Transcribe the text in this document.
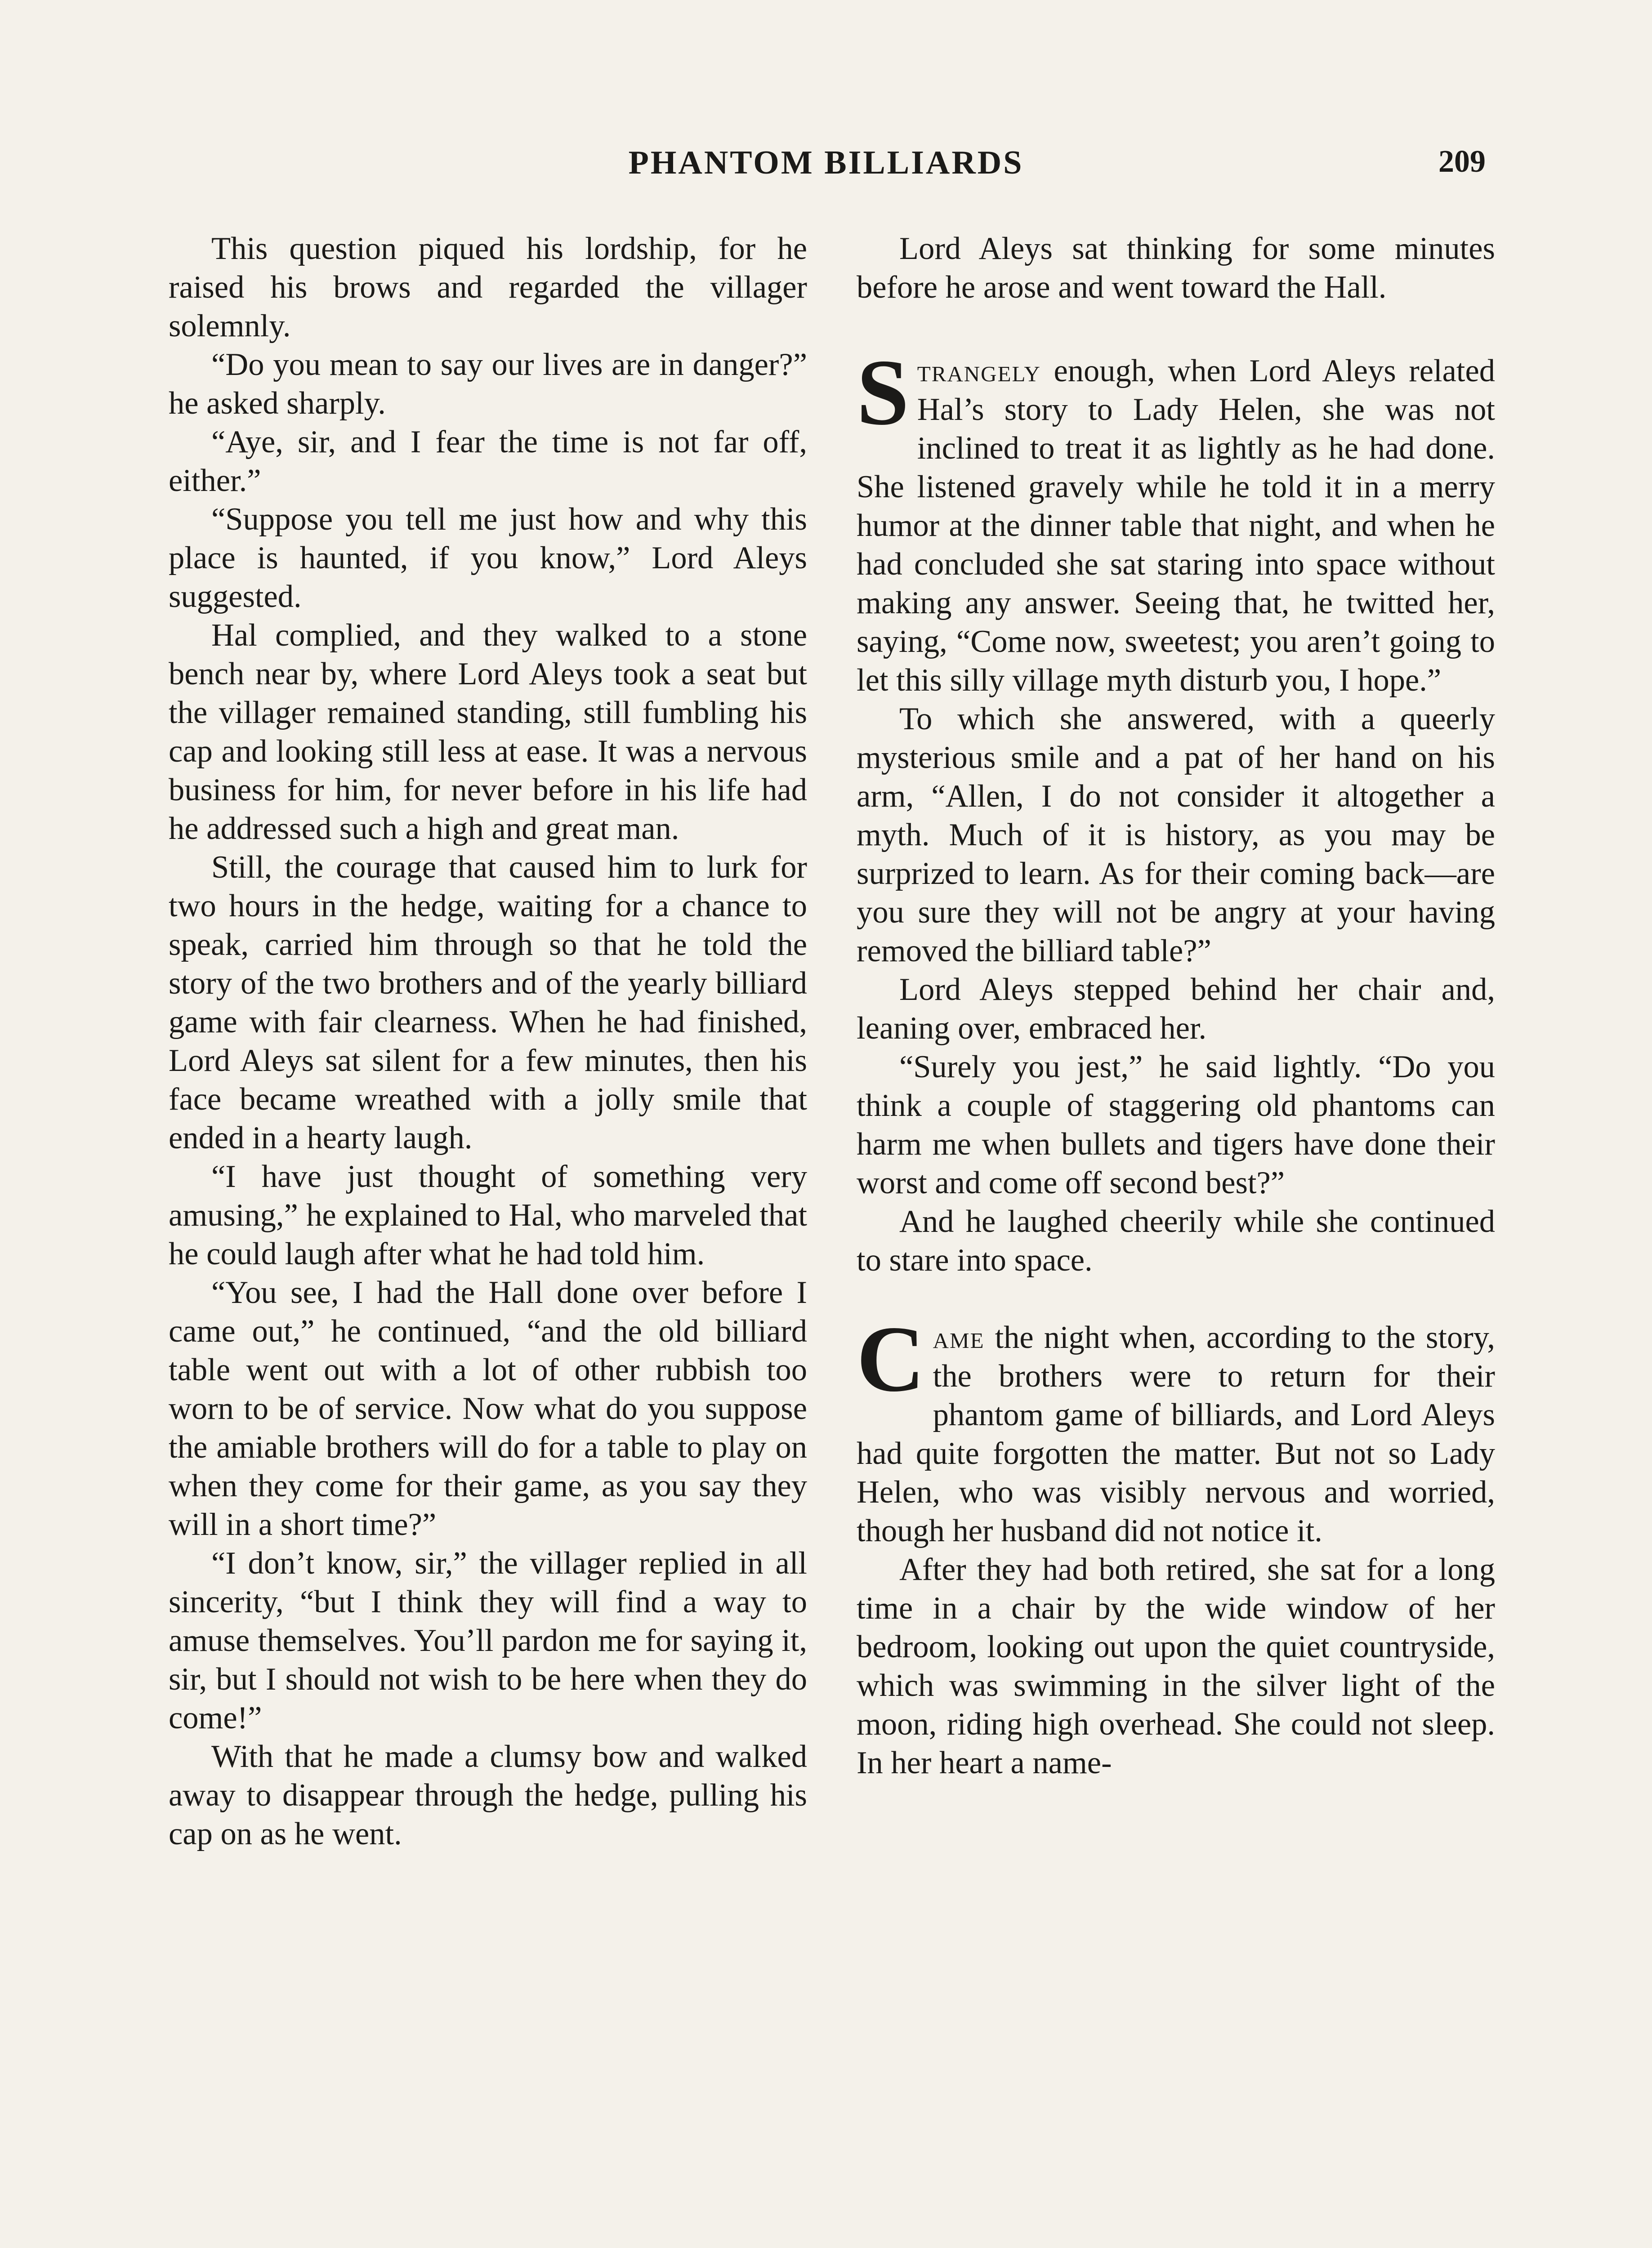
PHANTOM BILLIARDS	209

This question piqued his lordship, for he raised his brows and regarded the villager solemnly.

“Do you mean to say our lives are in danger?” he asked sharply.

“Aye, sir, and I fear the time is not far off, either.”

“Suppose you tell me just how and why this place is haunted, if you know,” Lord Aleys suggested.

Hal complied, and they walked to a stone bench near by, where Lord Aleys took a seat but the villager remained standing, still fumbling his cap and looking still less at ease. It was a nervous business for him, for never before in his life had he addressed such a high and great man.

Still, the courage that caused him to lurk for two hours in the hedge, waiting for a chance to speak, carried him through so that he told the story of the two brothers and of the yearly billiard game with fair clearness. When he had finished, Lord Aleys sat silent for a few minutes, then his face became wreathed with a jolly smile that ended in a hearty laugh.

“I have just thought of something very amusing,” he explained to Hal, who marveled that he could laugh after what he had told him.

“You see, I had the Hall done over before I came out,” he continued, “and the old billiard table went out with a lot of other rubbish too worn to be of service. Now what do you suppose the amiable brothers will do for a table to play on when they come for their game, as you say they will in a short time?”

“I don’t know, sir,” the villager replied in all sincerity, “but I think they will find a way to amuse themselves. You’ll pardon me for saying it, sir, but I should not wish to be here when they do come!”

With that he made a clumsy bow and walked away to disappear through the hedge, pulling his cap on as he went.

Lord Aleys sat thinking for some minutes before he arose and went toward the Hall.

Strangely enough, when Lord Aleys related Hal’s story to Lady Helen, she was not inclined to treat it as lightly as he had done. She listened gravely while he told it in a merry humor at the dinner table that night, and when he had concluded she sat staring into space without making any answer. Seeing that, he twitted her, saying, “Come now, sweetest; you aren’t going to let this silly village myth disturb you, I hope.”

To which she answered, with a queerly mysterious smile and a pat of her hand on his arm, “Allen, I do not consider it altogether a myth. Much of it is history, as you may be surprized to learn. As for their coming back—are you sure they will not be angry at your having removed the billiard table?”

Lord Aleys stepped behind her chair and, leaning over, embraced her.

“Surely you jest,” he said lightly. “Do you think a couple of staggering old phantoms can harm me when bullets and tigers have done their worst and come off second best?”

And he laughed cheerily while she continued to stare into space.

Came the night when, according to the story, the brothers were to return for their phantom game of billiards, and Lord Aleys had quite forgotten the matter. But not so Lady Helen, who was visibly nervous and worried, though her husband did not notice it.

After they had both retired, she sat for a long time in a chair by the wide window of her bedroom, looking out upon the quiet countryside, which was swimming in the silver light of the moon, riding high overhead. She could not sleep. In her heart a name-
